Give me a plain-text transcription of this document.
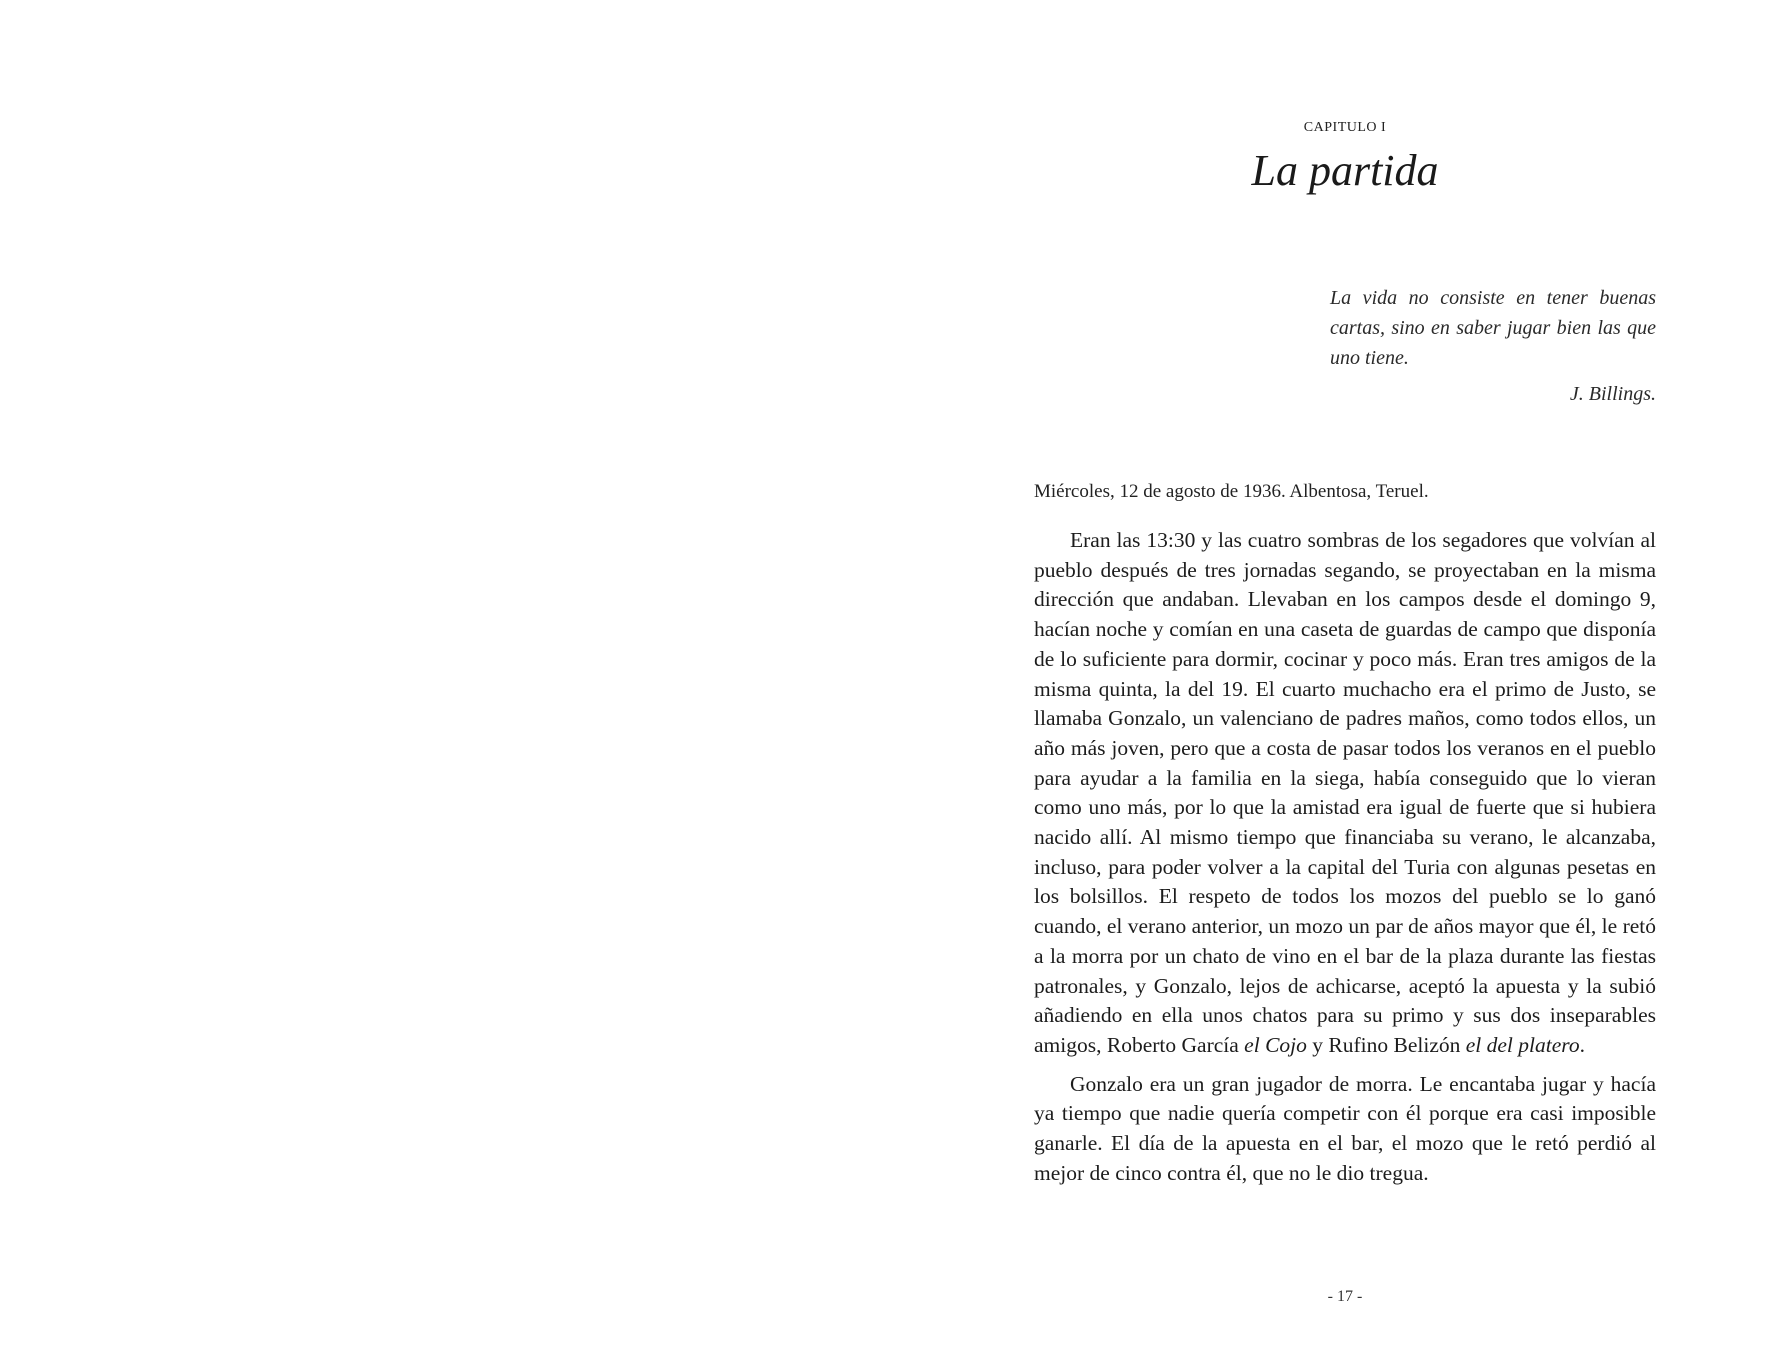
CAPITULO I
La partida
La vida no consiste en tener buenas cartas, sino en saber jugar bien las que uno tiene.
J. Billings.
Miércoles, 12 de agosto de 1936. Albentosa, Teruel.

Eran las 13:30 y las cuatro sombras de los segadores que volvían al pueblo después de tres jornadas segando, se proyectaban en la misma dirección que andaban. Llevaban en los campos desde el domingo 9, hacían noche y comían en una caseta de guardas de campo que disponía de lo suficiente para dormir, cocinar y poco más. Eran tres amigos de la misma quinta, la del 19. El cuarto muchacho era el primo de Justo, se llamaba Gonzalo, un valenciano de padres maños, como todos ellos, un año más joven, pero que a costa de pasar todos los veranos en el pueblo para ayudar a la familia en la siega, había conseguido que lo vieran como uno más, por lo que la amistad era igual de fuerte que si hubiera nacido allí. Al mismo tiempo que financiaba su verano, le alcanzaba, incluso, para poder volver a la capital del Turia con algunas pesetas en los bolsillos. El respeto de todos los mozos del pueblo se lo ganó cuando, el verano anterior, un mozo un par de años mayor que él, le retó a la morra por un chato de vino en el bar de la plaza durante las fiestas patronales, y Gonzalo, lejos de achicarse, aceptó la apuesta y la subió añadiendo en ella unos chatos para su primo y sus dos inseparables amigos, Roberto García el Cojo y Rufino Belizón el del platero.

Gonzalo era un gran jugador de morra. Le encantaba jugar y hacía ya tiempo que nadie quería competir con él porque era casi imposible ganarle. El día de la apuesta en el bar, el mozo que le retó perdió al mejor de cinco contra él, que no le dio tregua.

- 17 -
